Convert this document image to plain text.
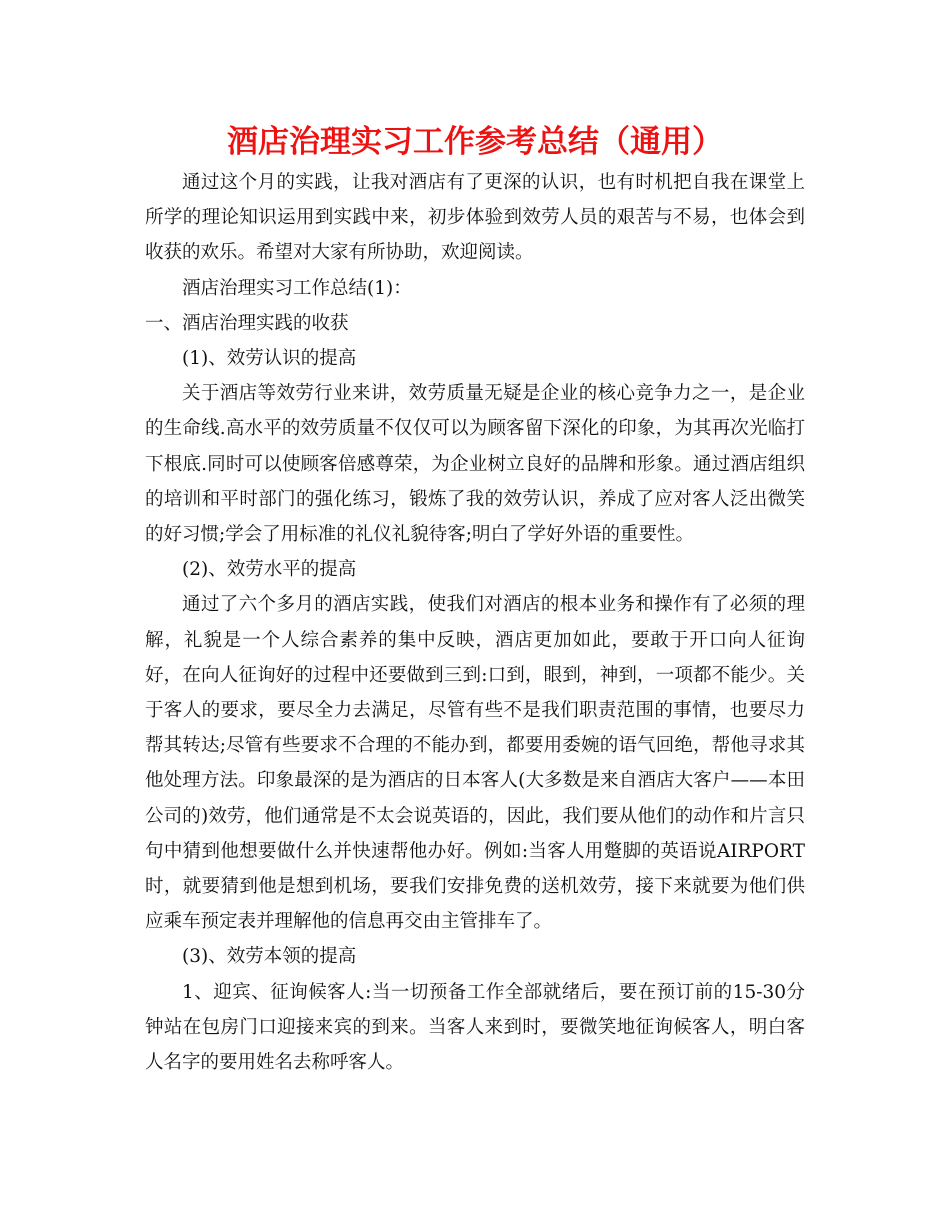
酒店治理实习工作参考总结（通用）

通过这个月的实践，让我对酒店有了更深的认识，也有时机把自我在课堂上所学的理论知识运用到实践中来，初步体验到效劳人员的艰苦与不易，也体会到收获的欢乐。希望对大家有所协助，欢迎阅读。

酒店治理实习工作总结(1)：

一、酒店治理实践的收获

(1)、效劳认识的提高

关于酒店等效劳行业来讲，效劳质量无疑是企业的核心竞争力之一，是企业的生命线.高水平的效劳质量不仅仅可以为顾客留下深化的印象，为其再次光临打下根底.同时可以使顾客倍感尊荣，为企业树立良好的品牌和形象。通过酒店组织的培训和平时部门的强化练习，锻炼了我的效劳认识，养成了应对客人泛出微笑的好习惯;学会了用标准的礼仪礼貌待客;明白了学好外语的重要性。

(2)、效劳水平的提高

通过了六个多月的酒店实践，使我们对酒店的根本业务和操作有了必须的理解，礼貌是一个人综合素养的集中反映，酒店更加如此，要敢于开口向人征询好，在向人征询好的过程中还要做到三到:口到，眼到，神到，一项都不能少。关于客人的要求，要尽全力去满足，尽管有些不是我们职责范围的事情，也要尽力帮其转达;尽管有些要求不合理的不能办到，都要用委婉的语气回绝，帮他寻求其他处理方法。印象最深的是为酒店的日本客人(大多数是来自酒店大客户——本田公司的)效劳，他们通常是不太会说英语的，因此，我们要从他们的动作和片言只句中猜到他想要做什么并快速帮他办好。例如:当客人用蹩脚的英语说AIRPORT时，就要猜到他是想到机场，要我们安排免费的送机效劳，接下来就要为他们供应乘车预定表并理解他的信息再交由主管排车了。

(3)、效劳本领的提高

1、迎宾、征询候客人:当一切预备工作全部就绪后，要在预订前的15-30分钟站在包房门口迎接来宾的到来。当客人来到时，要微笑地征询候客人，明白客人名字的要用姓名去称呼客人。
